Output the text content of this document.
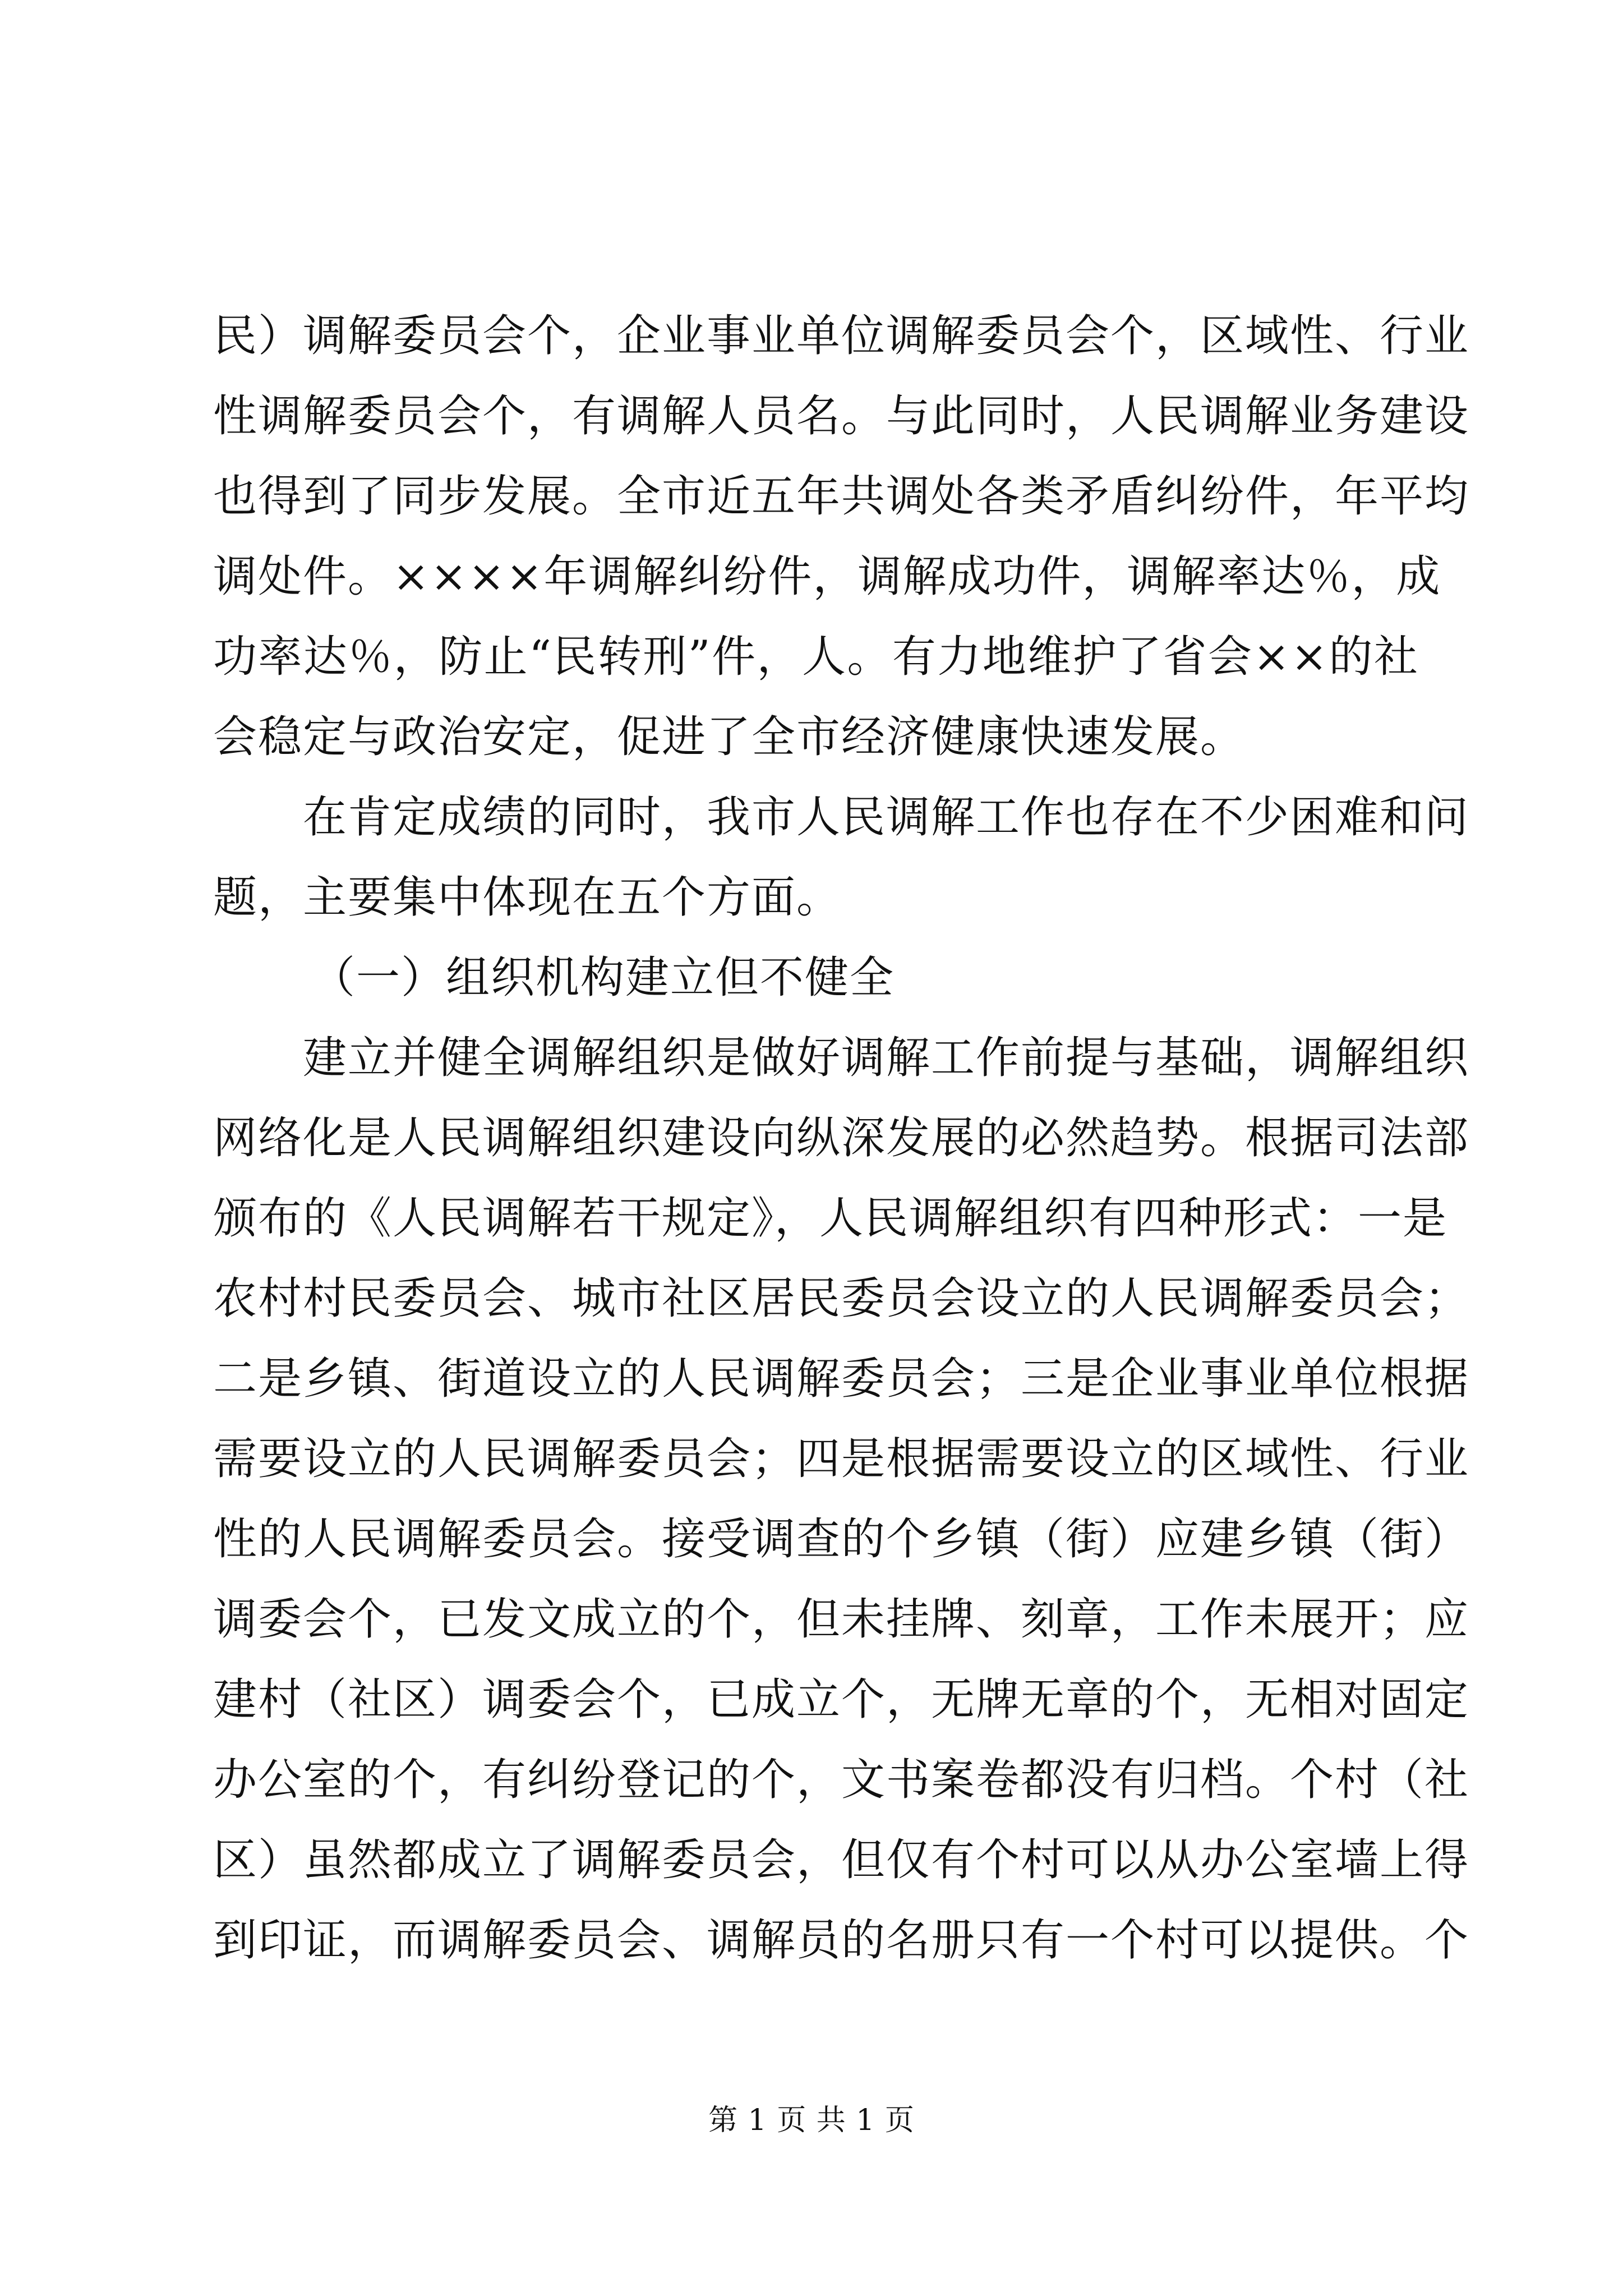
民）调解委员会个，企业事业单位调解委员会个，区域性、行业
性调解委员会个，有调解人员名。与此同时，人民调解业务建设
也得到了同步发展。全市近五年共调处各类矛盾纠纷件，年平均
调处件。××××年调解纠纷件，调解成功件，调解率达％，成
功率达％，防止“民转刑”件，人。有力地维护了省会××的社
会稳定与政治安定，促进了全市经济健康快速发展。
在肯定成绩的同时，我市人民调解工作也存在不少困难和问
题，主要集中体现在五个方面。
（一）组织机构建立但不健全
建立并健全调解组织是做好调解工作前提与基础，调解组织
网络化是人民调解组织建设向纵深发展的必然趋势。根据司法部
颁布的《人民调解若干规定》，人民调解组织有四种形式：一是
农村村民委员会、城市社区居民委员会设立的人民调解委员会；
二是乡镇、街道设立的人民调解委员会；三是企业事业单位根据
需要设立的人民调解委员会；四是根据需要设立的区域性、行业
性的人民调解委员会。接受调查的个乡镇（街）应建乡镇（街）
调委会个，已发文成立的个，但未挂牌、刻章，工作未展开；应
建村（社区）调委会个，已成立个，无牌无章的个，无相对固定
办公室的个，有纠纷登记的个，文书案卷都没有归档。个村（社
区）虽然都成立了调解委员会，但仅有个村可以从办公室墙上得
到印证，而调解委员会、调解员的名册只有一个村可以提供。个
第 1 页 共 1 页
